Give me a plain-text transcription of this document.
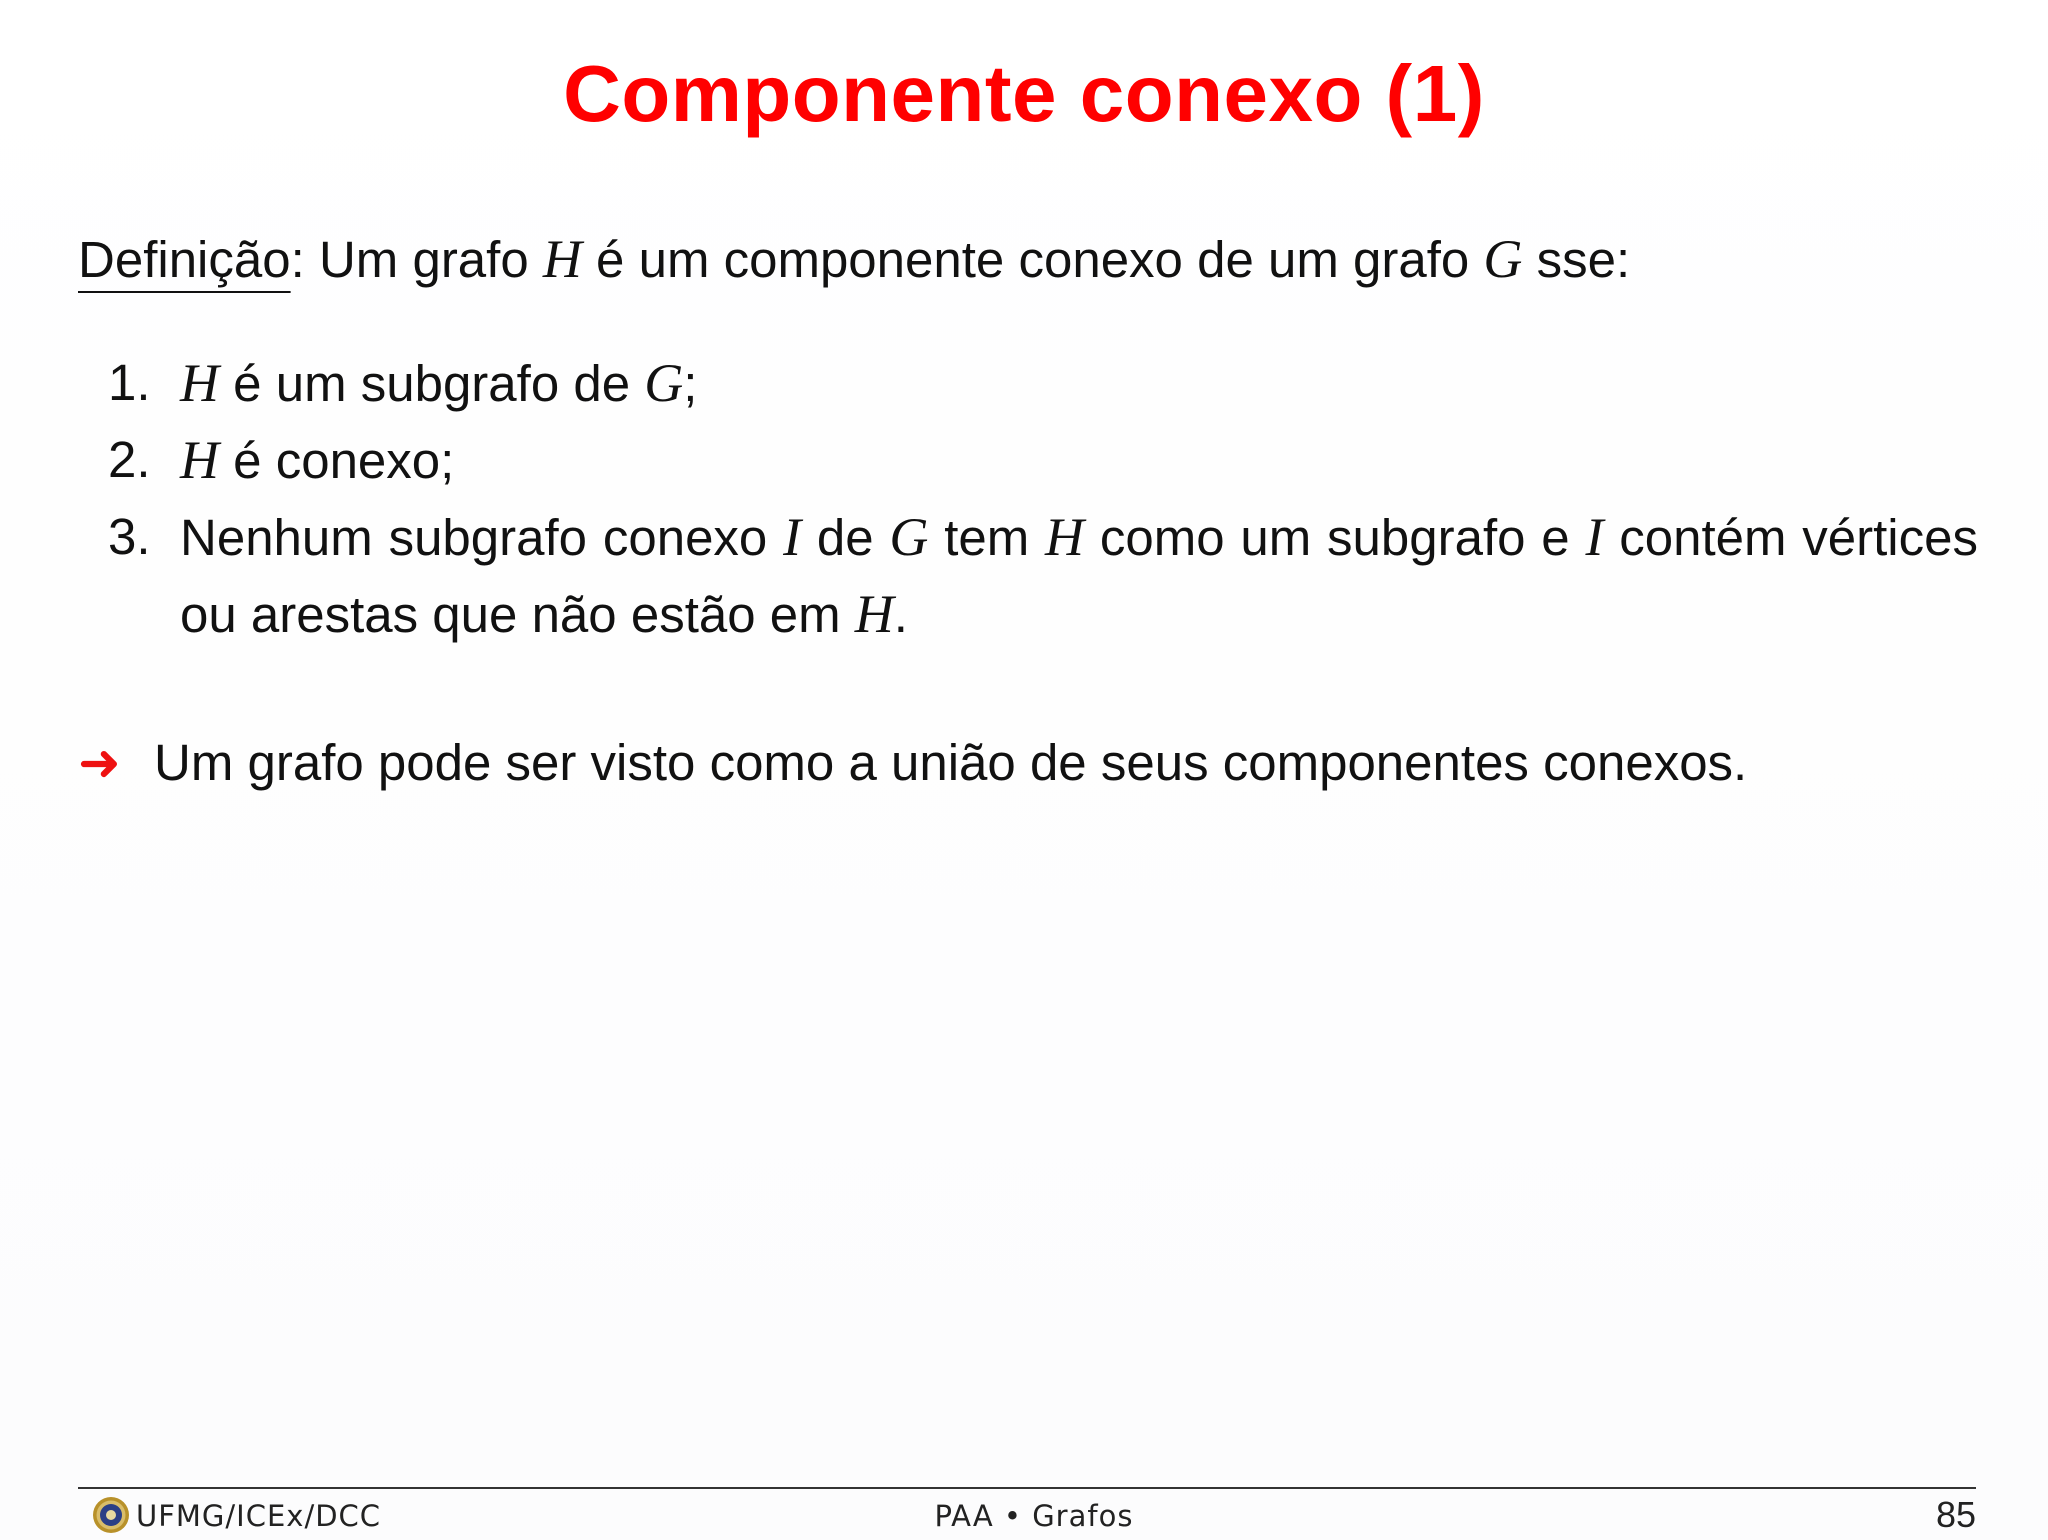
Componente conexo (1)
Definição: Um grafo H é um componente conexo de um grafo G sse:
1. H é um subgrafo de G;
2. H é conexo;
3. Nenhum subgrafo conexo I de G tem H como um subgrafo e I contém vértices ou arestas que não estão em H.
➜ Um grafo pode ser visto como a união de seus componentes conexos.
UFMG/ICEx/DCC	PAA • Grafos	85
